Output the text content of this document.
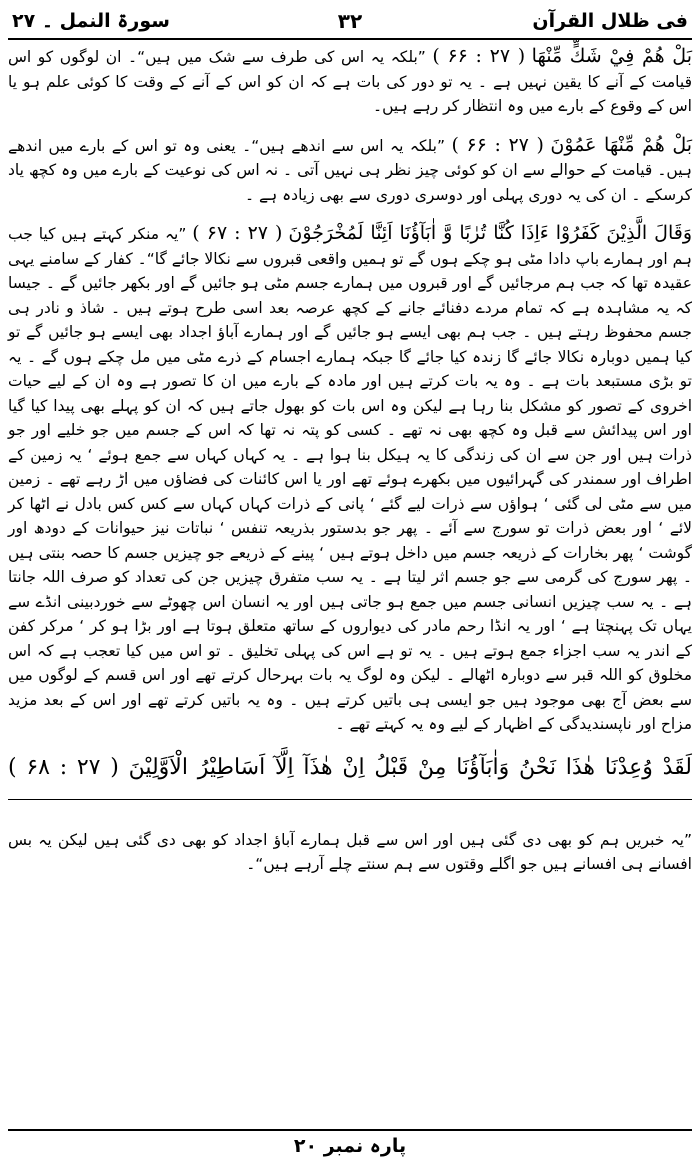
فی ظلال القرآن
۳۲
سورۃ النمل ۔ ۲۷

بَلْ هُمْ فِيْ شَكٍّ مِّنْهَا ( ۲۷ : ۶۶ ) ”بلکہ یہ اس کی طرف سے شک میں ہیں“۔ ان لوگوں کو اس قیامت کے آنے کا یقین نہیں ہے ۔ یہ تو دور کی بات ہے کہ ان کو اس کے آنے کے وقت کا کوئی علم ہو یا اس کے وقوع کے بارے میں وہ انتظار کر رہے ہیں۔

بَلْ هُمْ مِّنْهَا عَمُوْنَ ( ۲۷ : ۶۶ ) ”بلکہ یہ اس سے اندھے ہیں“۔ یعنی وہ تو اس کے بارے میں اندھے ہیں۔ قیامت کے حوالے سے ان کو کوئی چیز نظر ہی نہیں آتی ۔ نہ اس کی نوعیت کے بارے میں وہ کچھ یاد کرسکے ۔ ان کی یہ دوری پہلی اور دوسری دوری سے بھی زیادہ ہے ۔

وَقَالَ الَّذِيْنَ كَفَرُوْا ءَاِذَا كُنَّا تُرٰبًا وَّ اٰبَآؤُنَا اَئِنَّا لَمُخْرَجُوْنَ ( ۲۷ : ۶۷ ) ”یہ منکر کہتے ہیں کیا جب ہم اور ہمارے باپ دادا مٹی ہو چکے ہوں گے تو ہمیں واقعی قبروں سے نکالا جائے گا“۔ کفار کے سامنے یہی عقیدہ تھا کہ جب ہم مرجائیں گے اور قبروں میں ہمارے جسم مٹی ہو جائیں گے اور بکھر جائیں گے ۔ جیسا کہ یہ مشاہدہ ہے کہ تمام مردے دفنائے جانے کے کچھ عرصہ بعد اسی طرح ہوتے ہیں ۔ شاذ و نادر ہی جسم محفوظ رہتے ہیں ۔ جب ہم بھی ایسے ہو جائیں گے اور ہمارے آباؤ اجداد بھی ایسے ہو جائیں گے تو کیا ہمیں دوبارہ نکالا جائے گا زندہ کیا جائے گا جبکہ ہمارے اجسام کے ذرے مٹی میں مل چکے ہوں گے ۔ یہ تو بڑی مستبعد بات ہے ۔ وہ یہ بات کرتے ہیں اور مادہ کے بارے میں ان کا تصور ہے وہ ان کے لیے حیات اخروی کے تصور کو مشکل بنا رہا ہے لیکن وہ اس بات کو بھول جاتے ہیں کہ ان کو پہلے بھی پیدا کیا گیا اور اس پیدائش سے قبل وہ کچھ بھی نہ تھے ۔ کسی کو پتہ نہ تھا کہ اس کے جسم میں جو خلیے اور جو ذرات ہیں اور جن سے ان کی زندگی کا یہ ہیکل بنا ہوا ہے ۔ یہ کہاں کہاں سے جمع ہوئے ‘ یہ زمین کے اطراف اور سمندر کی گہرائیوں میں بکھرے ہوئے تھے اور یا اس کائنات کی فضاؤں میں اڑ رہے تھے ۔ زمین میں سے مٹی لی گئی ‘ ہواؤں سے ذرات لیے گئے ‘ پانی کے ذرات کہاں کہاں سے کس کس بادل نے اٹھا کر لائے ‘ اور بعض ذرات تو سورج سے آئے ۔ پھر جو بدستور بذریعہ تنفس ‘ نباتات نیز حیوانات کے دودھ اور گوشت ‘ پھر بخارات کے ذریعہ جسم میں داخل ہوتے ہیں ‘ پینے کے ذریعے جو چیزیں جسم کا حصہ بنتی ہیں ۔ پھر سورج کی گرمی سے جو جسم اثر لیتا ہے ۔ یہ سب متفرق چیزیں جن کی تعداد کو صرف اللہ جانتا ہے ۔ یہ سب چیزیں انسانی جسم میں جمع ہو جاتی ہیں اور یہ انسان اس چھوٹے سے خوردبینی انڈے سے یہاں تک پہنچتا ہے ‘ اور یہ انڈا رحم مادر کی دیواروں کے ساتھ متعلق ہوتا ہے اور بڑا ہو کر ‘ مرکر کفن کے اندر یہ سب اجزاء جمع ہوتے ہیں ۔ یہ تو ہے اس کی پہلی تخلیق ۔ تو اس میں کیا تعجب ہے کہ اس مخلوق کو اللہ قبر سے دوبارہ اٹھالے ۔ لیکن وہ لوگ یہ بات بہرحال کرتے تھے اور اس قسم کے لوگوں میں سے بعض آج بھی موجود ہیں جو ایسی ہی باتیں کرتے ہیں ۔ وہ یہ باتیں کرتے تھے اور اس کے بعد مزید مزاح اور ناپسندیدگی کے اظہار کے لیے وہ یہ کہتے تھے ۔

لَقَدْ وُعِدْنَا هٰذَا نَحْنُ وَاٰبَآؤُنَا مِنْ قَبْلُ اِنْ هٰذَآ اِلَّآ اَسَاطِيْرُ الْاَوَّلِيْنَ ( ۲۷ : ۶۸ )

”یہ خبریں ہم کو بھی دی گئی ہیں اور اس سے قبل ہمارے آباؤ اجداد کو بھی دی گئی ہیں لیکن یہ بس افسانے ہی افسانے ہیں جو اگلے وقتوں سے ہم سنتے چلے آرہے ہیں“۔

پارہ نمبر ۲۰
